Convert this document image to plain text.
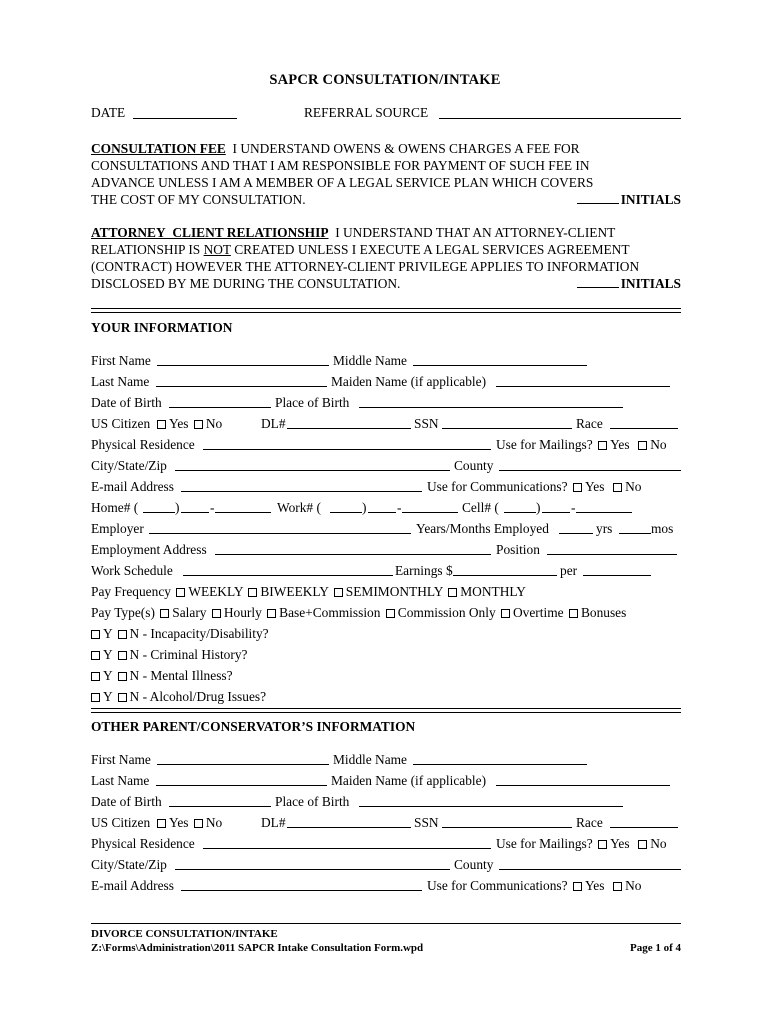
SAPCR CONSULTATION/INTAKE
DATE	REFERRAL SOURCE
CONSULTATION FEE I UNDERSTAND OWENS & OWENS CHARGES A FEE FOR
CONSULTATIONS AND THAT I AM RESPONSIBLE FOR PAYMENT OF SUCH FEE IN
ADVANCE UNLESS I AM A MEMBER OF A LEGAL SERVICE PLAN WHICH COVERS
THE COST OF MY CONSULTATION.	INITIALS
ATTORNEY_CLIENT RELATIONSHIP I UNDERSTAND THAT AN ATTORNEY-CLIENT
RELATIONSHIP IS NOT CREATED UNLESS I EXECUTE A LEGAL SERVICES AGREEMENT
(CONTRACT) HOWEVER THE ATTORNEY-CLIENT PRIVILEGE APPLIES TO INFORMATION
DISCLOSED BY ME DURING THE CONSULTATION.	INITIALS
YOUR INFORMATION
First Name	Middle Name
Last Name	Maiden Name (if applicable)
Date of Birth	Place of Birth
US Citizen	Yes No	DL#	SSN	Race
Physical Residence	Use for Mailings? Yes No
City/State/Zip	County
E-mail Address	Use for Communications? Yes No
Home# (	) -	Work# (	) -	Cell# (	) -
Employer	Years/Months Employed	yrs	mos
Employment Address	Position
Work Schedule	Earnings $	per
Pay Frequency WEEKLY BIWEEKLY SEMIMONTHLY MONTHLY
Pay Type(s) Salary Hourly Base+Commission Commission Only Overtime Bonuses
Y N - Incapacity/Disability?
Y N - Criminal History?
Y N - Mental Illness?
Y N - Alcohol/Drug Issues?
OTHER PARENT/CONSERVATOR’S INFORMATION
First Name	Middle Name
Last Name	Maiden Name (if applicable)
Date of Birth	Place of Birth
US Citizen	Yes No	DL#	SSN	Race
Physical Residence	Use for Mailings? Yes No
City/State/Zip	County
E-mail Address	Use for Communications? Yes No
DIVORCE CONSULTATION/INTAKE
Z:\Forms\Administration\2011 SAPCR Intake Consultation Form.wpd	Page 1 of 4
